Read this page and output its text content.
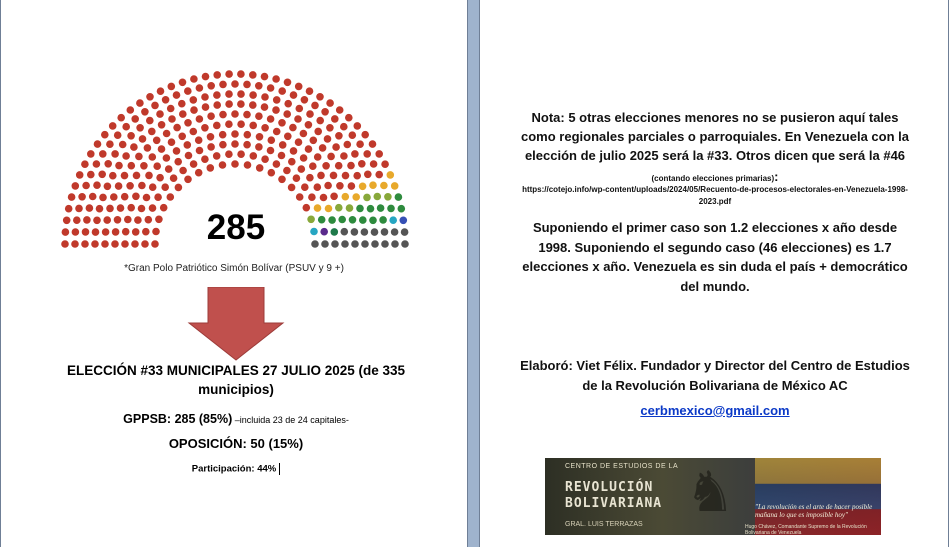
285
*Gran Polo Patriótico Simón Bolívar (PSUV y 9 +)
ELECCIÓN #33 MUNICIPALES 27 JULIO 2025 (de 335 municipios)
GPPSB: 285 (85%) –incluida 23 de 24 capitales-
OPOSICIÓN: 50 (15%)
Participación: 44%
Nota: 5 otras elecciones menores no se pusieron aquí tales como regionales parciales o parroquiales. En Venezuela con la elección de julio 2025 será la #33. Otros dicen que será la #46 (contando elecciones primarias):
https://cotejo.info/wp-content/uploads/2024/05/Recuento-de-procesos-electorales-en-Venezuela-1998-2023.pdf
Suponiendo el primer caso son 1.2 elecciones x año desde 1998. Suponiendo el segundo caso (46 elecciones) es 1.7 elecciones x año. Venezuela es sin duda el país + democrático del mundo.
Elaboró: Viet Félix. Fundador y Director del Centro de Estudios de la Revolución Bolivariana de México AC
cerbmexico@gmail.com
♞
CENTRO DE ESTUDIOS DE LA
REVOLUCIÓN
BOLIVARIANA
GRAL. LUIS TERRAZAS
"La revolución es el arte de hacer posible mañana lo que es imposible hoy"
Hugo Chávez, Comandante Supremo de la Revolución Bolivariana de Venezuela
